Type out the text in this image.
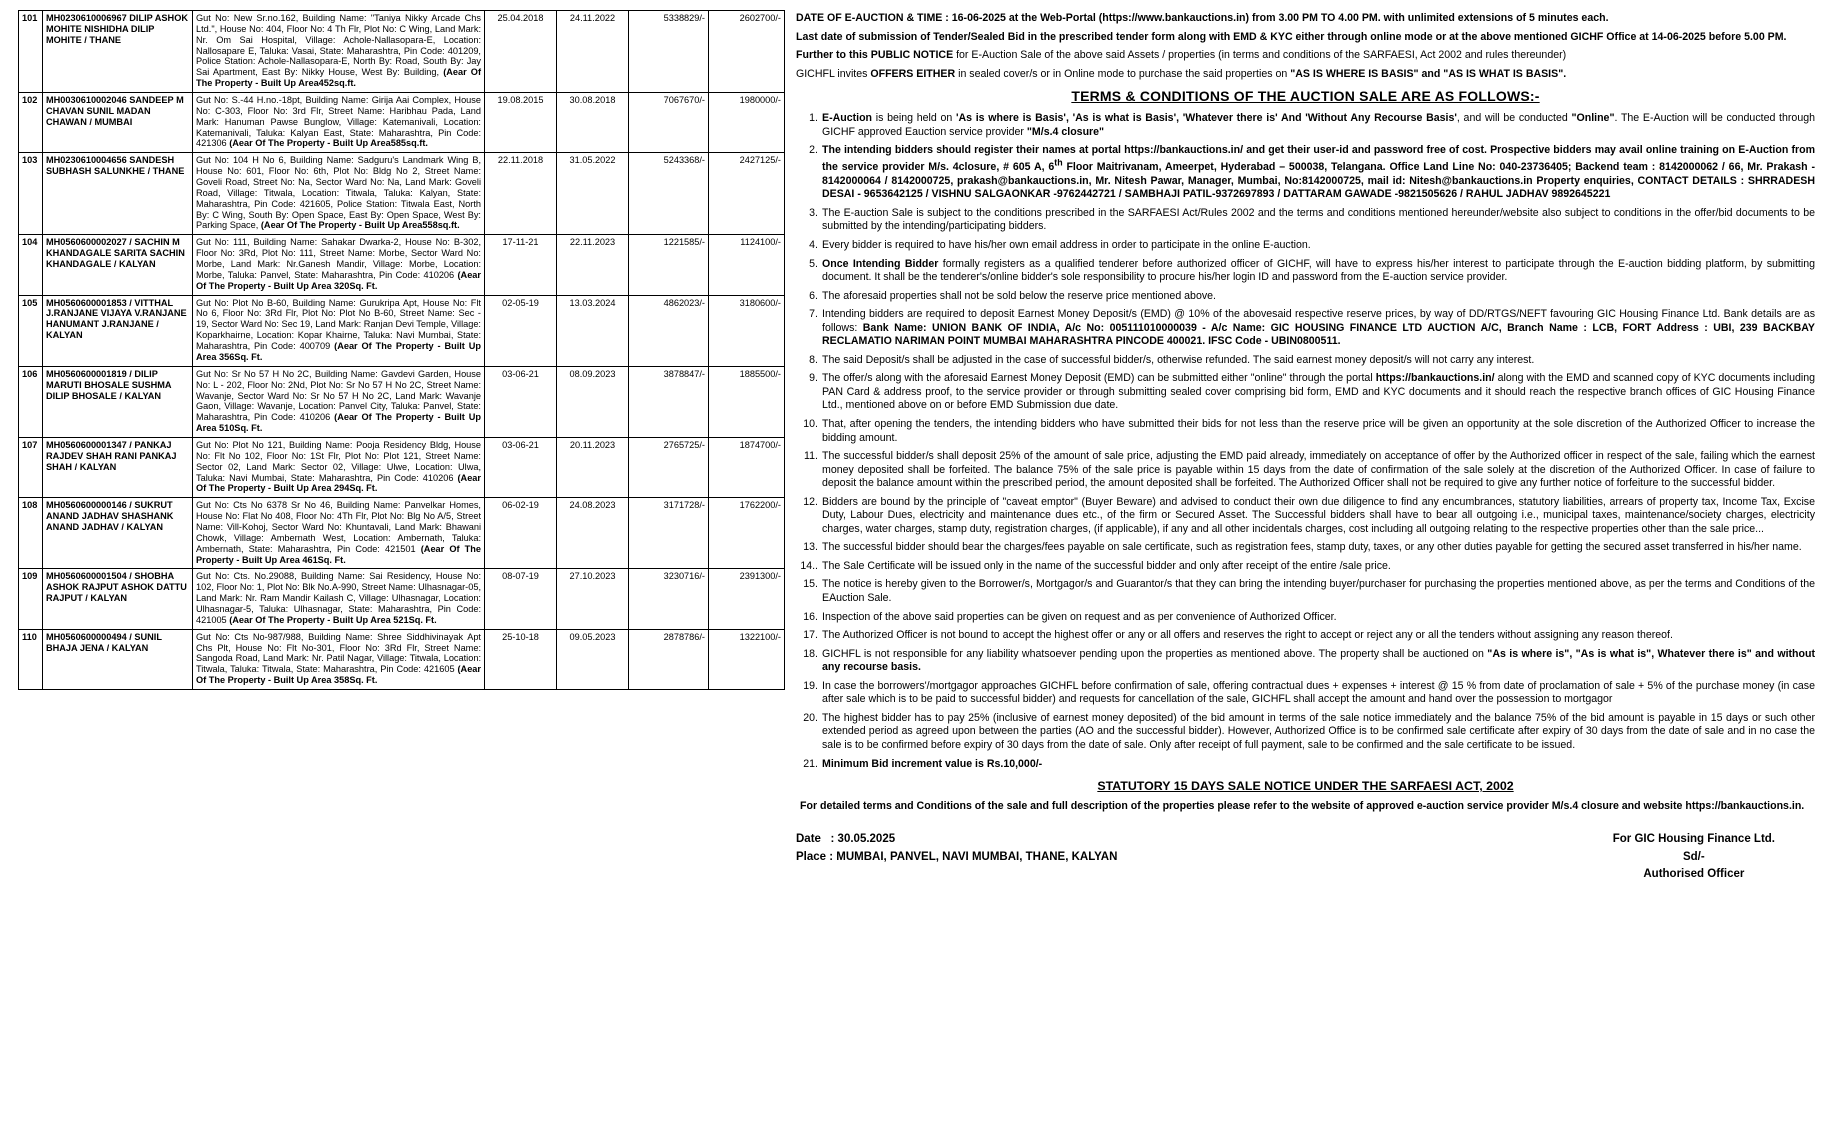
101	MH0230610006967 DILIP ASHOK MOHITE NISHIDHA DILIP MOHITE / THANE	Gut No: New Sr.no.162, Building Name: "Taniya Nikky Arcade Chs Ltd.", House No: 404, Floor No: 4 Th Flr, Plot No: C Wing, Land Mark: Nr. Om Sai Hospital, Village: Achole-Nallasopara-E, Location: Nallosapare E, Taluka: Vasai, State: Maharashtra, Pin Code: 401209, Police Station: Achole-Nallasopara-E, North By: Road, South By: Jay Sai Apartment, East By: Nikky House, West By: Building, (Aear Of The Property - Built Up Area452sq.ft.	25.04.2018	24.11.2022	5338829/-	2602700/-
102	MH0030610002046 SANDEEP M CHAVAN SUNIL MADAN CHAWAN / MUMBAI	Gut No: S.-44 H.no.-18pt, Building Name: Girija Aai Complex, House No: C-303, Floor No: 3rd Flr, Street Name: Haribhau Pada, Land Mark: Hanuman Pawse Bunglow, Village: Katemanivali, Location: Katemanivali, Taluka: Kalyan East, State: Maharashtra, Pin Code: 421306 (Aear Of The Property - Built Up Area585sq.ft.	19.08.2015	30.08.2018	7067670/-	1980000/-
103	MH0230610004656 SANDESH SUBHASH SALUNKHE / THANE	Gut No: 104 H No 6, Building Name: Sadguru's Landmark Wing B, House No: 601, Floor No: 6th, Plot No: Bldg No 2, Street Name: Goveli Road, Street No: Na, Sector Ward No: Na, Land Mark: Goveli Road, Village: Titwala, Location: Titwala, Taluka: Kalyan, State: Maharashtra, Pin Code: 421605, Police Station: Titwala East, North By: C Wing, South By: Open Space, East By: Open Space, West By: Parking Space, (Aear Of The Property - Built Up Area558sq.ft.	22.11.2018	31.05.2022	5243368/-	2427125/-
104	MH0560600002027 / SACHIN M KHANDAGALE SARITA SACHIN KHANDAGALE / KALYAN	Gut No: 111, Building Name: Sahakar Dwarka-2, House No: B-302, Floor No: 3Rd, Plot No: 111, Street Name: Morbe, Sector Ward No: Morbe, Land Mark: Nr.Ganesh Mandir, Village: Morbe, Location: Morbe, Taluka: Panvel, State: Maharashtra, Pin Code: 410206 (Aear Of The Property - Built Up Area 320Sq. Ft.	17-11-21	22.11.2023	1221585/-	1124100/-
105	MH0560600001853 / VITTHAL J.RANJANE VIJAYA V.RANJANE HANUMANT J.RANJANE / KALYAN	Gut No: Plot No B-60, Building Name: Gurukripa Apt, House No: Flt No 6, Floor No: 3Rd Flr, Plot No: Plot No B-60, Street Name: Sec - 19, Sector Ward No: Sec 19, Land Mark: Ranjan Devi Temple, Village: Koparkhairne, Location: Kopar Khairne, Taluka: Navi Mumbai, State: Maharashtra, Pin Code: 400709 (Aear Of The Property - Built Up Area 356Sq. Ft.	02-05-19	13.03.2024	4862023/-	3180600/-
106	MH0560600001819 / DILIP MARUTI BHOSALE SUSHMA DILIP BHOSALE / KALYAN	Gut No: Sr No 57 H No 2C, Building Name: Gavdevi Garden, House No: L - 202, Floor No: 2Nd, Plot No: Sr No 57 H No 2C, Street Name: Wavanje, Sector Ward No: Sr No 57 H No 2C, Land Mark: Wavanje Gaon, Village: Wavanje, Location: Panvel City, Taluka: Panvel, State: Maharashtra, Pin Code: 410206 (Aear Of The Property - Built Up Area 510Sq. Ft.	03-06-21	08.09.2023	3878847/-	1885500/-
107	MH0560600001347 / PANKAJ RAJDEV SHAH RANI PANKAJ SHAH / KALYAN	Gut No: Plot No 121, Building Name: Pooja Residency Bldg, House No: Flt No 102, Floor No: 1St Flr, Plot No: Plot 121, Street Name: Sector 02, Land Mark: Sector 02, Village: Ulwe, Location: Ulwa, Taluka: Navi Mumbai, State: Maharashtra, Pin Code: 410206 (Aear Of The Property - Built Up Area 294Sq. Ft.	03-06-21	20.11.2023	2765725/-	1874700/-
108	MH0560600000146 / SUKRUT ANAND JADHAV SHASHANK ANAND JADHAV / KALYAN	Gut No: Cts No 6378 Sr No 46, Building Name: Panvelkar Homes, House No: Flat No 408, Floor No: 4Th Flr, Plot No: Blg No A/5, Street Name: Vill-Kohoj, Sector Ward No: Khuntavali, Land Mark: Bhawani Chowk, Village: Ambernath West, Location: Ambernath, Taluka: Ambernath, State: Maharashtra, Pin Code: 421501 (Aear Of The Property - Built Up Area 461Sq. Ft.	06-02-19	24.08.2023	3171728/-	1762200/-
109	MH0560600001504 / SHOBHA ASHOK RAJPUT ASHOK DATTU RAJPUT / KALYAN	Gut No: Cts. No.29088, Building Name: Sai Residency, House No: 102, Floor No: 1, Plot No: Blk No.A-990, Street Name: Ulhasnagar-05, Land Mark: Nr. Ram Mandir Kailash C, Village: Ulhasnagar, Location: Ulhasnagar-5, Taluka: Ulhasnagar, State: Maharashtra, Pin Code: 421005 (Aear Of The Property - Built Up Area 521Sq. Ft.	08-07-19	27.10.2023	3230716/-	2391300/-
110	MH0560600000494 / SUNIL BHAJA JENA / KALYAN	Gut No: Cts No-987/988, Building Name: Shree Siddhivinayak Apt Chs Plt, House No: Flt No-301, Floor No: 3Rd Flr, Street Name: Sangoda Road, Land Mark: Nr. Patil Nagar, Village: Titwala, Location: Titwala, Taluka: Titwala, State: Maharashtra, Pin Code: 421605 (Aear Of The Property - Built Up Area 358Sq. Ft.	25-10-18	09.05.2023	2878786/-	1322100/-

DATE OF E-AUCTION & TIME : 16-06-2025 at the Web-Portal (https://www.bankauctions.in) from 3.00 PM TO 4.00 PM. with unlimited extensions of 5 minutes each.

Last date of submission of Tender/Sealed Bid in the prescribed tender form along with EMD & KYC either through online mode or at the above mentioned GICHF Office at 14-06-2025 before 5.00 PM.

Further to this PUBLIC NOTICE for E-Auction Sale of the above said Assets / properties (in terms and conditions of the SARFAESI, Act 2002 and rules thereunder)

GICHFL invites OFFERS EITHER in sealed cover/s or in Online mode to purchase the said properties on "AS IS WHERE IS BASIS" and "AS IS WHAT IS BASIS".

TERMS & CONDITIONS OF THE AUCTION SALE ARE AS FOLLOWS:-
1. E-Auction is being held on 'As is where is Basis', 'As is what is Basis', 'Whatever there is' And 'Without Any Recourse Basis', and will be conducted "Online". The E-Auction will be conducted through GICHF approved Eauction service provider "M/s.4 closure"
2. The intending bidders should register their names at portal https://bankauctions.in/ and get their user-id and password free of cost. Prospective bidders may avail online training on E-Auction from the service provider M/s. 4closure, # 605 A, 6th Floor Maitrivanam, Ameerpet, Hyderabad – 500038, Telangana. Office Land Line No: 040-23736405; Backend team : 8142000062 / 66, Mr. Prakash - 8142000064 / 8142000725, prakash@bankauctions.in, Mr. Nitesh Pawar, Manager, Mumbai, No:8142000725, mail id: Nitesh@bankauctions.in Property enquiries, CONTACT DETAILS : SHRRADESH DESAI - 9653642125 / VISHNU SALGAONKAR -9762442721 / SAMBHAJI PATIL-9372697893 / DATTARAM GAWADE -9821505626 / RAHUL JADHAV 9892645221
3. The E-auction Sale is subject to the conditions prescribed in the SARFAESI Act/Rules 2002 and the terms and conditions mentioned hereunder/website also subject to conditions in the offer/bid documents to be submitted by the intending/participating bidders.
4. Every bidder is required to have his/her own email address in order to participate in the online E-auction.
5. Once Intending Bidder formally registers as a qualified tenderer before authorized officer of GICHF, will have to express his/her interest to participate through the E-auction bidding platform, by submitting document. It shall be the tenderer's/online bidder's sole responsibility to procure his/her login ID and password from the E-auction service provider.
6. The aforesaid properties shall not be sold below the reserve price mentioned above.
7. Intending bidders are required to deposit Earnest Money Deposit/s (EMD) @ 10% of the abovesaid respective reserve prices, by way of DD/RTGS/NEFT favouring GIC Housing Finance Ltd. Bank details are as follows: Bank Name: UNION BANK OF INDIA, A/c No: 005111010000039 - A/c Name: GIC HOUSING FINANCE LTD AUCTION A/C, Branch Name : LCB, FORT Address : UBI, 239 BACKBAY RECLAMATIO NARIMAN POINT MUMBAI MAHARASHTRA PINCODE 400021. IFSC Code - UBIN0800511.
8. The said Deposit/s shall be adjusted in the case of successful bidder/s, otherwise refunded. The said earnest money deposit/s will not carry any interest.
9. The offer/s along with the aforesaid Earnest Money Deposit (EMD) can be submitted either "online" through the portal https://bankauctions.in/ along with the EMD and scanned copy of KYC documents including PAN Card & address proof, to the service provider or through submitting sealed cover comprising bid form, EMD and KYC documents and it should reach the respective branch offices of GIC Housing Finance Ltd., mentioned above on or before EMD Submission due date.
10. That, after opening the tenders, the intending bidders who have submitted their bids for not less than the reserve price will be given an opportunity at the sole discretion of the Authorized Officer to increase the bidding amount.
11. The successful bidder/s shall deposit 25% of the amount of sale price, adjusting the EMD paid already, immediately on acceptance of offer by the Authorized officer in respect of the sale, failing which the earnest money deposited shall be forfeited. The balance 75% of the sale price is payable within 15 days from the date of confirmation of the sale solely at the discretion of the Authorized Officer. In case of failure to deposit the balance amount within the prescribed period, the amount deposited shall be forfeited. The Authorized Officer shall not be required to give any further notice of forfeiture to the successful bidder.
12. Bidders are bound by the principle of "caveat emptor" (Buyer Beware) and advised to conduct their own due diligence to find any encumbrances, statutory liabilities, arrears of property tax, Income Tax, Excise Duty, Labour Dues, electricity and maintenance dues etc., of the firm or Secured Asset. The Successful bidders shall have to bear all outgoing i.e., municipal taxes, maintenance/society charges, electricity charges, water charges, stamp duty, registration charges, (if applicable), if any and all other incidentals charges, cost including all outgoing relating to the respective properties other than the sale price...
13. The successful bidder should bear the charges/fees payable on sale certificate, such as registration fees, stamp duty, taxes, or any other duties payable for getting the secured asset transferred in his/her name.
14.. The Sale Certificate will be issued only in the name of the successful bidder and only after receipt of the entire /sale price.
15. The notice is hereby given to the Borrower/s, Mortgagor/s and Guarantor/s that they can bring the intending buyer/purchaser for purchasing the properties mentioned above, as per the terms and Conditions of the EAuction Sale.
16. Inspection of the above said properties can be given on request and as per convenience of Authorized Officer.
17. The Authorized Officer is not bound to accept the highest offer or any or all offers and reserves the right to accept or reject any or all the tenders without assigning any reason thereof.
18. GICHFL is not responsible for any liability whatsoever pending upon the properties as mentioned above. The property shall be auctioned on "As is where is", "As is what is", Whatever there is" and without any recourse basis.
19. In case the borrowers'/mortgagor approaches GICHFL before confirmation of sale, offering contractual dues + expenses + interest @ 15 % from date of proclamation of sale + 5% of the purchase money (in case after sale which is to be paid to successful bidder) and requests for cancellation of the sale, GICHFL shall accept the amount and hand over the possession to mortgagor
20. The highest bidder has to pay 25% (inclusive of earnest money deposited) of the bid amount in terms of the sale notice immediately and the balance 75% of the bid amount is payable in 15 days or such other extended period as agreed upon between the parties (AO and the successful bidder). However, Authorized Office is to be confirmed sale certificate after expiry of 30 days from the date of sale and in no case the sale is to be confirmed before expiry of 30 days from the date of sale. Only after receipt of full payment, sale to be confirmed and the sale certificate to be issued.
21. Minimum Bid increment value is Rs.10,000/-
STATUTORY 15 DAYS SALE NOTICE UNDER THE SARFAESI ACT, 2002
For detailed terms and Conditions of the sale and full description of the properties please refer to the website of approved e-auction service provider M/s.4 closure and website https://bankauctions.in.
Date : 30.05.2025
Place : MUMBAI, PANVEL, NAVI MUMBAI, THANE, KALYAN
For GIC Housing Finance Ltd.
Sd/-
Authorised Officer
